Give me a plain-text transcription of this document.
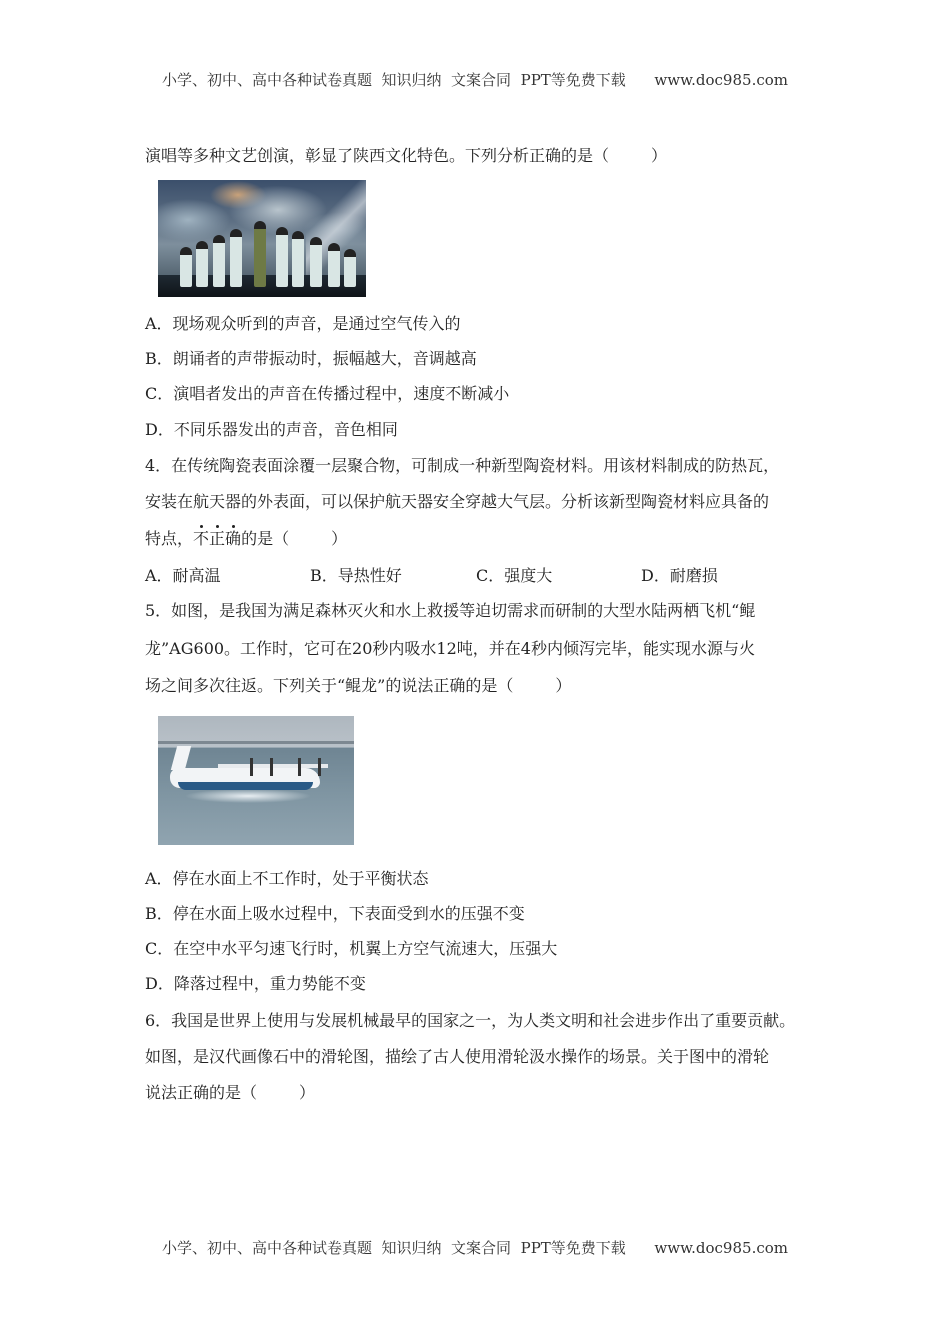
小学、初中、高中各种试卷真题  知识归纳  文案合同  PPT等免费下载      www.doc985.com
演唱等多种文艺创演，彰显了陕西文化特色。下列分析正确的是（	）
A．现场观众听到的声音，是通过空气传入的
B．朗诵者的声带振动时，振幅越大，音调越高
C．演唱者发出的声音在传播过程中，速度不断减小
D．不同乐器发出的声音，音色相同
4．在传统陶瓷表面涂覆一层聚合物，可制成一种新型陶瓷材料。用该材料制成的防热瓦，
安装在航天器的外表面，可以保护航天器安全穿越大气层。分析该新型陶瓷材料应具备的
特点，不正确的是（	）
A．耐高温	B．导热性好	C．强度大	D．耐磨损
5．如图，是我国为满足森林灭火和水上救援等迫切需求而研制的大型水陆两栖飞机“鲲
龙”AG600。工作时，它可在20秒内吸水12吨，并在4秒内倾泻完毕，能实现水源与火
场之间多次往返。下列关于“鲲龙”的说法正确的是（	）
A．停在水面上不工作时，处于平衡状态
B．停在水面上吸水过程中，下表面受到水的压强不变
C．在空中水平匀速飞行时，机翼上方空气流速大，压强大
D．降落过程中，重力势能不变
6．我国是世界上使用与发展机械最早的国家之一，为人类文明和社会进步作出了重要贡献。
如图，是汉代画像石中的滑轮图，描绘了古人使用滑轮汲水操作的场景。关于图中的滑轮
说法正确的是（	）
小学、初中、高中各种试卷真题  知识归纳  文案合同  PPT等免费下载      www.doc985.com
